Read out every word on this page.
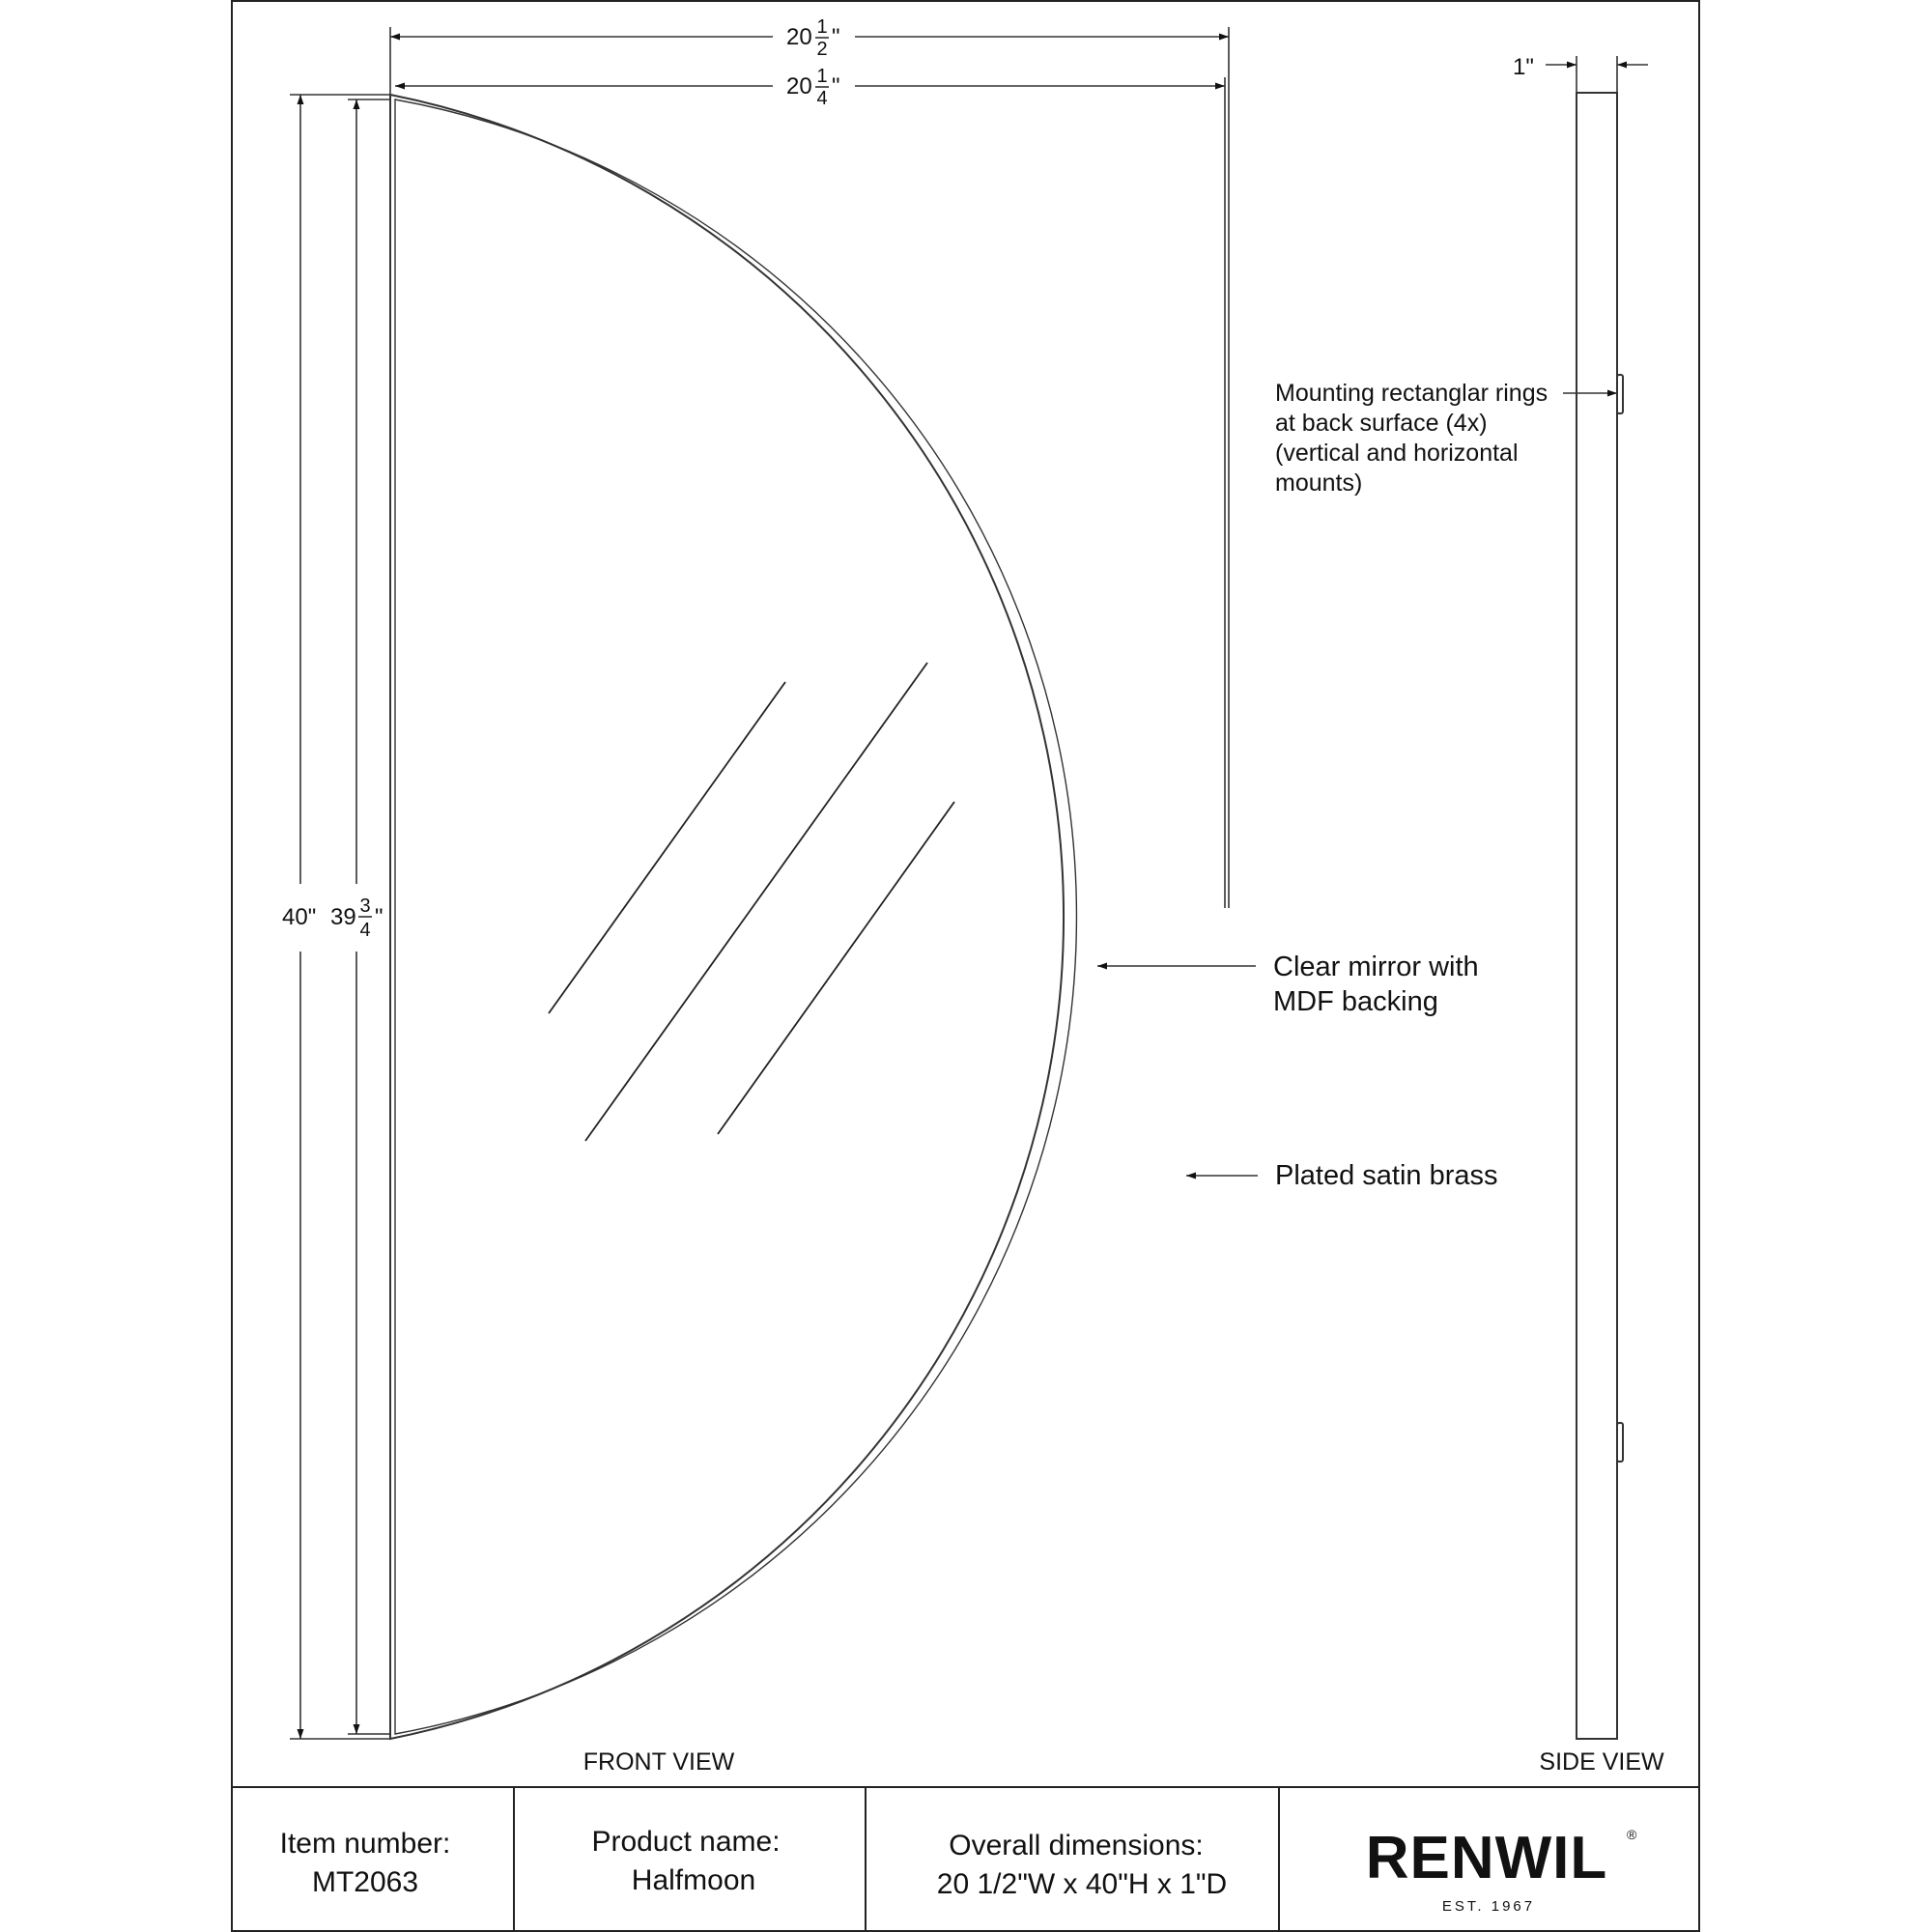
20 1
2 "
20 1
4 "
40" 39 3
4 "
FRONT VIEW
Mounting rectanglar rings
at back surface (4x)
(vertical and horizontal
mounts)
Clear mirror with
MDF backing
Plated satin brass
1"
SIDE VIEW
Item number:
MT2063
Product name:
Halfmoon
Overall dimensions:
20 1/2"W x 40"H x 1"D RENWIL ®
EST. 1967
